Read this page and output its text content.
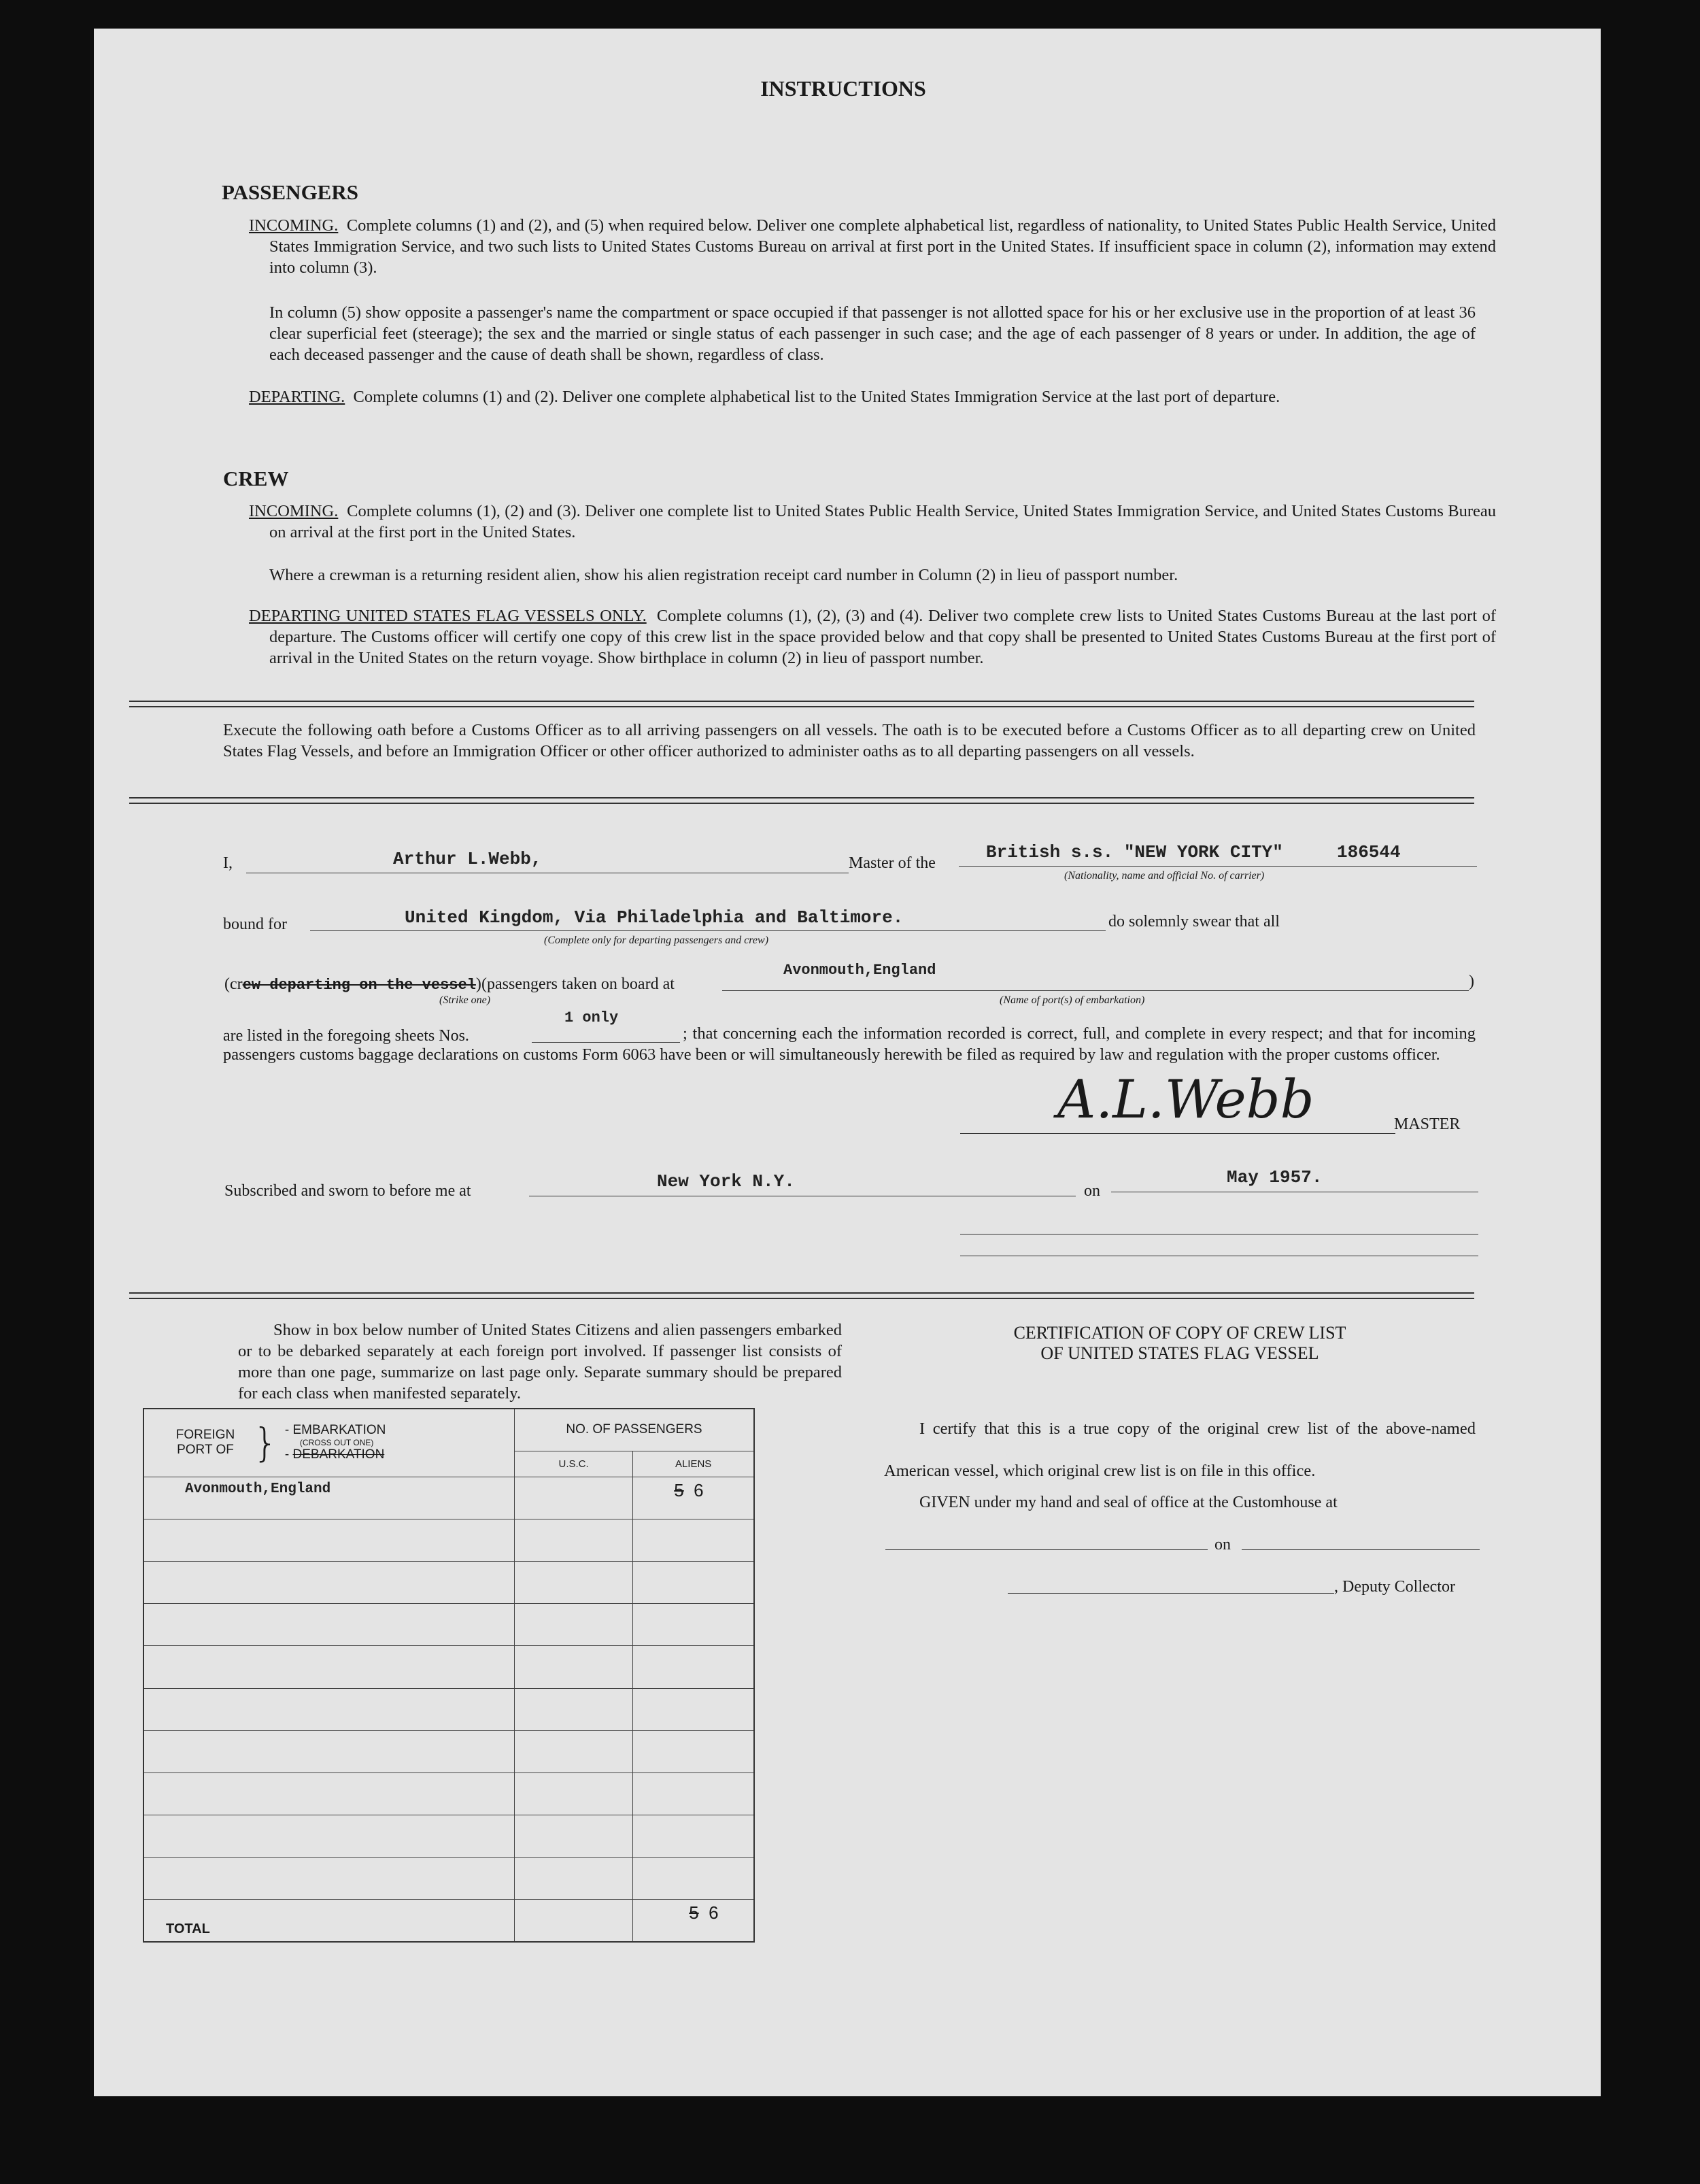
INSTRUCTIONS
PASSENGERS
INCOMING. Complete columns (1) and (2), and (5) when required below. Deliver one complete alphabetical list, regardless of nationality, to United States Public Health Service, United States Immigration Service, and two such lists to United States Customs Bureau on arrival at first port in the United States. If insufficient space in column (2), information may extend into column (3).
In column (5) show opposite a passenger's name the compartment or space occupied if that passenger is not allotted space for his or her exclusive use in the proportion of at least 36 clear superficial feet (steerage); the sex and the married or single status of each passenger in such case; and the age of each passenger of 8 years or under. In addition, the age of each deceased passenger and the cause of death shall be shown, regardless of class.
DEPARTING. Complete columns (1) and (2). Deliver one complete alphabetical list to the United States Immigration Service at the last port of departure.
CREW
INCOMING. Complete columns (1), (2) and (3). Deliver one complete list to United States Public Health Service, United States Immigration Service, and United States Customs Bureau on arrival at the first port in the United States.
Where a crewman is a returning resident alien, show his alien registration receipt card number in Column (2) in lieu of passport number.
DEPARTING UNITED STATES FLAG VESSELS ONLY. Complete columns (1), (2), (3) and (4). Deliver two complete crew lists to United States Customs Bureau at the last port of departure. The Customs officer will certify one copy of this crew list in the space provided below and that copy shall be presented to United States Customs Bureau at the first port of arrival in the United States on the return voyage. Show birthplace in column (2) in lieu of passport number.
Execute the following oath before a Customs Officer as to all arriving passengers on all vessels. The oath is to be executed before a Customs Officer as to all departing crew on United States Flag Vessels, and before an Immigration Officer or other officer authorized to administer oaths as to all departing passengers on all vessels.
I,	Arthur L.Webb,	Master of the
British s.s. "NEW YORK CITY"	186544
(Nationality, name and official No. of carrier)
bound for	United Kingdom, Via Philadelphia and Baltimore.
(Complete only for departing passengers and crew)
do solemnly swear that all
(crew departing on the vessel)
(Strike one)
(passengers taken on board at
Avonmouth,England
(Name of port(s) of embarkation)
)
are listed in the foregoing sheets Nos.
1 only
; that concerning each the information recorded is correct, full, and complete in every respect; and that for incoming passengers customs baggage declarations on customs Form 6063 have been or will simultaneously herewith be filed as required by law and regulation with the proper customs officer.
A.L.Webb	MASTER
Subscribed and sworn to before me at	New York N.Y.	on
May 1957.
Show in box below number of United States Citizens and alien passengers embarked or to be debarked separately at each foreign port involved. If passenger list consists of more than one page, summarize on last page only. Separate summary should be prepared for each class when manifested separately.
FOREIGN PORT OF } - EMBARKATION
(CROSS OUT ONE)
- DEBARKATION	NO. OF PASSENGERS	
	U.S.C.	ALIENS
Avonmouth,England		5 6

TOTAL		5 6
CERTIFICATION OF COPY OF CREW LIST
OF UNITED STATES FLAG VESSEL
I certify that this is a true copy of the original crew list of the above-named American vessel, which original crew list is on file in this office.
GIVEN under my hand and seal of office at the Customhouse at
on
, Deputy Collector
